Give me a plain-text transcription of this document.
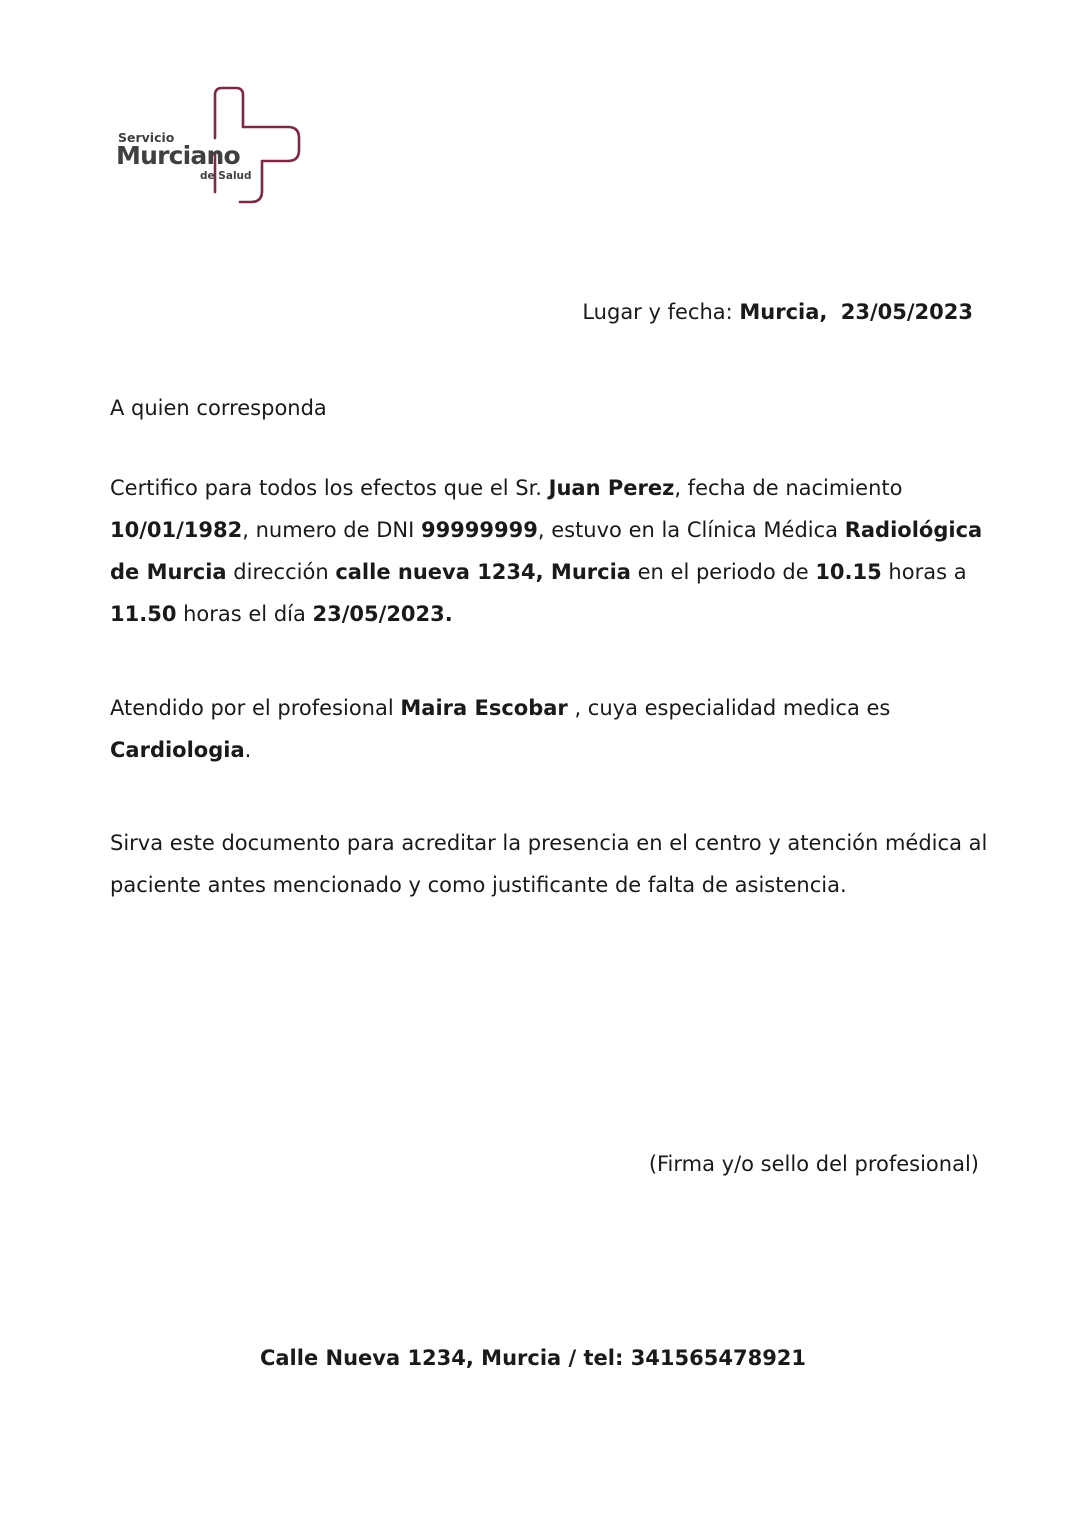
Servicio
Murciano
de Salud
Lugar y fecha: Murcia, 23/05/2023
A quien corresponda

Certifico para todos los efectos que el Sr. Juan Perez, fecha de nacimiento 10/01/1982, numero de DNI 99999999, estuvo en la Clínica Médica Radiológica de Murcia dirección calle nueva 1234, Murcia en el periodo de 10.15 horas a 11.50 horas el día 23/05/2023.

Atendido por el profesional Maira Escobar , cuya especialidad medica es Cardiologia.

Sirva este documento para acreditar la presencia en el centro y atención médica al paciente antes mencionado y como justificante de falta de asistencia.

(Firma y/o sello del profesional)
Calle Nueva 1234, Murcia / tel: 341565478921
